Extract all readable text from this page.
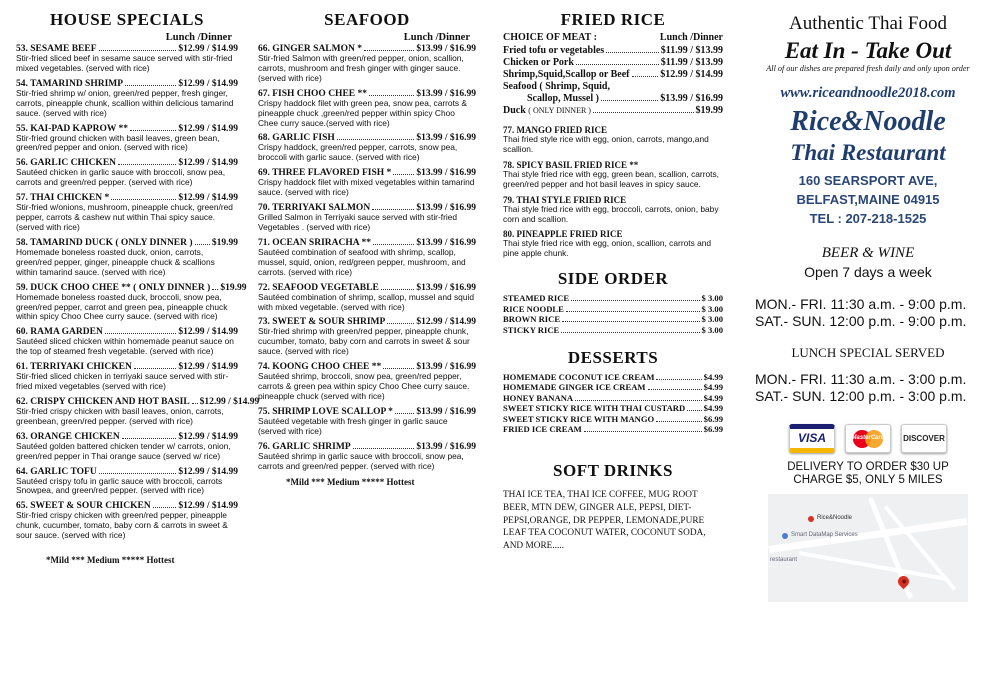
HOUSE SPECIALS
Lunch /Dinner
53. SESAME BEEF	$12.99 / $14.99
Stir-fried sliced beef in sesame sauce served with stir-fried mixed vegetables. (served with rice)
54. TAMARIND SHRIMP	$12.99 / $14.99
Stir-fried shrimp w/ onion, green/red pepper, fresh ginger, carrots, pineapple chunk, scallion within delicious tamarind sauce. (served with rice)
55. KAI-PAD KAPROW **	$12.99 / $14.99
Stir-fried ground chicken with basil leaves, green bean, green/red pepper and onion. (served with rice)
56. GARLIC CHICKEN	$12.99 / $14.99
Sautéed chicken in garlic sauce with broccoli, snow pea, carrots and green/red pepper. (served with rice)
57. THAI CHICKEN *	$12.99 / $14.99
Stir-fried w/onions, mushroom, pineapple chuck, green/red pepper, carrots & cashew nut within Thai spicy sauce. (served with rice)
58. TAMARIND DUCK ( ONLY DINNER ) $19.99
Homemade boneless roasted duck, onion, carrots, green/red pepper, ginger, pineapple chuck & scallions within tamarind sauce. (served with rice)
59. DUCK CHOO CHEE ** ( ONLY DINNER ) $19.99
Homemade boneless roasted duck, broccoli, snow pea, green/red pepper, carrot and green pea, pineapple chuck within spicy Choo Chee curry sauce. (served with rice)
60. RAMA GARDEN	$12.99 / $14.99
Sautéed sliced chicken within homemade peanut sauce on the top of steamed fresh vegetable. (served with rice)
61. TERRIYAKI CHICKEN	$12.99 / $14.99
Stir-fried sliced chicken in terriyaki sauce served with stir-fried mixed vegetables (served with rice)
62. CRISPY CHICKEN AND HOT BASIL $12.99 / $14.99
Stir-fried crispy chicken with basil leaves, onion, carrots, greenbean, green/red pepper. (served with rice)
63. ORANGE CHICKEN	$12.99 / $14.99
Sautéed golden battered chicken tender w/ carrots, onion, green/red pepper in Thai orange sauce (served w/ rice)
64. GARLIC TOFU	$12.99 / $14.99
Sautéed crispy tofu in garlic sauce with broccoli, carrots Snowpea, and green/red pepper. (served with rice)
65. SWEET & SOUR CHICKEN	$12.99 / $14.99
Stir-fried crispy chicken with green/red pepper, pineapple chunk, cucumber, tomato, baby corn & carrots in sweet & sour sauce. (served with rice)
*Mild *** Medium ***** Hottest
SEAFOOD
Lunch /Dinner
66. GINGER SALMON *	$13.99 / $16.99
Stir-fried Salmon with green/red pepper, onion, scallion, carrots, mushroom and fresh ginger with ginger sauce. (served with rice)
67. FISH CHOO CHEE **	$13.99 / $16.99
Crispy haddock filet with green pea, snow pea, carrots & pineapple chuck ,green/red pepper within spicy Choo Chee curry sauce.(served with rice)
68. GARLIC FISH	$13.99 / $16.99
Crispy haddock, green/red pepper, carrots, snow pea, broccoli with garlic sauce. (served with rice)
69. THREE FLAVORED FISH *	$13.99 / $16.99
Crispy haddock filet with mixed vegetables within tamarind sauce. (served with rice)
70. TERRIYAKI SALMON	$13.99 / $16.99
Grilled Salmon in Terriyaki sauce served with stir-fried Vegetables . (served with rice)
71. OCEAN SRIRACHA **	$13.99 / $16.99
Sautéed combination of seafood with shrimp, scallop, mussel, squid, onion, red/green pepper, mushroom, and carrots. (served with rice)
72. SEAFOOD VEGETABLE	$13.99 / $16.99
Sautéed combination of shrimp, scallop, mussel and squid with mixed vegetable. (served with rice)
73. SWEET & SOUR SHRIMP	$12.99 / $14.99
Stir-fried shrimp with green/red pepper, pineapple chunk, cucumber, tomato, baby corn and carrots in sweet & sour sauce. (served with rice)
74. KOONG CHOO CHEE **	$13.99 / $16.99
Sautéed shrimp, broccoli, snow pea, green/red pepper, carrots & green pea within spicy Choo Chee curry sauce. pineapple chuck (served with rice)
75. SHRIMP LOVE SCALLOP * $13.99 / $16.99
Sautéed vegetable with fresh ginger in garlic sauce (served with rice)
76. GARLIC SHRIMP	$13.99 / $16.99
Sautéed shrimp in garlic sauce with broccoli, snow pea, carrots and green/red pepper. (served with rice)
*Mild *** Medium ***** Hottest
FRIED RICE
CHOICE OF MEAT :	Lunch /Dinner
Fried tofu or vegetables	$11.99 / $13.99
Chicken or Pork	$11.99 / $13.99
Shrimp,Squid,Scallop or Beef	$12.99 / $14.99
Seafood ( Shrimp, Squid,
Scallop, Mussel )	$13.99 / $16.99
Duck
( ONLY DINNER )	$19.99
77. MANGO FRIED RICE
Thai fried style rice with egg, onion, carrots, mango,and scallion.
78. SPICY BASIL FRIED RICE **
Thai style fried rice with egg, green bean, scallion, carrots, green/red pepper and hot basil leaves in spicy sauce.
79. THAI STYLE FRIED RICE
Thai style fried rice with egg, broccoli, carrots, onion, baby corn and scallion.
80. PINEAPPLE FRIED RICE
Thai style fried rice with egg, onion, scallion, carrots and pine apple chunk.
SIDE ORDER
STEAMED RICE	$ 3.00
RICE NOODLE	$ 3.00
BROWN RICE	$ 3.00
STICKY RICE	$ 3.00
DESSERTS
HOMEMADE COCONUT ICE CREAM	$4.99
HOMEMADE GINGER ICE CREAM	$4.99
HONEY BANANA	$4.99
SWEET STICKY RICE WITH THAI CUSTARD $4.99
SWEET STICKY RICE WITH MANGO	$6.99
FRIED ICE CREAM	$6.99
SOFT DRINKS
THAI ICE TEA, THAI ICE COFFEE, MUG ROOT BEER, MTN DEW, GINGER ALE, PEPSI, DIET-PEPSI,ORANGE, DR PEPPER, LEMONADE,PURE LEAF TEA COCONUT WATER, COCONUT SODA, AND MORE.....
Authentic Thai Food
Eat In - Take Out
All of our dishes are prepared fresh daily and only upon order
www.riceandnoodle2018.com
Rice&Noodle
Thai Restaurant
160 SEARSPORT AVE,
BELFAST,MAINE 04915
TEL : 207-218-1525
BEER & WINE
Open 7 days a week
MON.- FRI. 11:30 a.m. - 9:00 p.m.
SAT.- SUN. 12:00 p.m. - 9:00 p.m.
LUNCH SPECIAL SERVED
MON.- FRI. 11:30 a.m. - 3:00 p.m.
SAT.- SUN. 12:00 p.m. - 3:00 p.m.
VISA	MasterCard DISCOVER
DELIVERY TO ORDER $30 UP
CHARGE $5, ONLY 5 MILES
Rice&Noodle
Smart DataMap Services
restaurant
